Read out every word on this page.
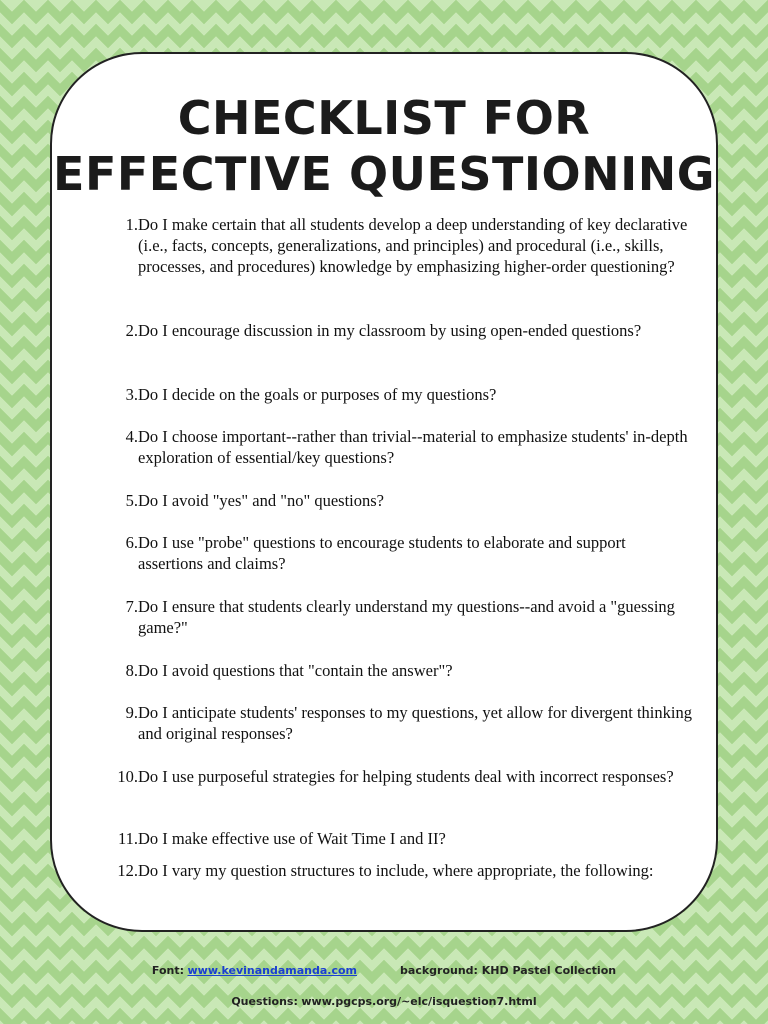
CHECKLIST FOR
EFFECTIVE QUESTIONING
1. Do I make certain that all students develop a deep understanding of key declarative (i.e., facts, concepts, generalizations, and principles) and procedural (i.e., skills, processes, and procedures) knowledge by emphasizing higher-order questioning?
2. Do I encourage discussion in my classroom by using open-ended questions?
3. Do I decide on the goals or purposes of my questions?
4. Do I choose important--rather than trivial--material to emphasize students' in-depth exploration of essential/key questions?
5. Do I avoid "yes" and "no" questions?
6. Do I use "probe" questions to encourage students to elaborate and support assertions and claims?
7. Do I ensure that students clearly understand my questions--and avoid a "guessing game?"
8. Do I avoid questions that "contain the answer"?
9. Do I anticipate students' responses to my questions, yet allow for divergent thinking and original responses?
10. Do I use purposeful strategies for helping students deal with incorrect responses?
11. Do I make effective use of Wait Time I and II?
12. Do I vary my question structures to include, where appropriate, the following:
Font: www.kevinandamanda.com	background: KHD Pastel Collection
Questions: www.pgcps.org/~elc/isquestion7.html
